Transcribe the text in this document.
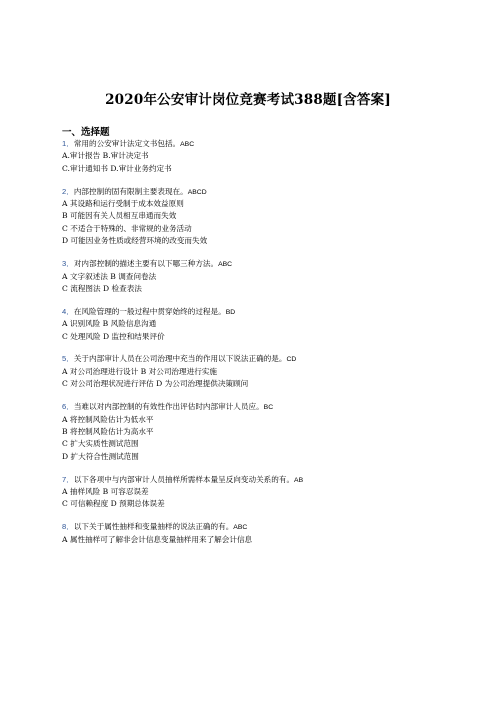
2020年公安审计岗位竞赛考试388题[含答案]
一、选择题
1．常用的公安审计法定文书包括。ABC
A.审计报告 B.审计决定书
C.审计通知书 D.审计业务约定书
2．内部控制的固有限制主要表现在。ABCD
A 其设路和运行受制于成本效益原则
B 可能因有关人员相互串通而失效
C 不适合于特殊的、非常规的业务活动
D 可能因业务性质或经营环境的改变而失效
3．对内部控制的描述主要有以下哪三种方法。ABC
A 文字叙述法 B 调查问卷法
C 流程图法 D 检查表法
4．在风险管理的一般过程中贯穿始终的过程是。BD
A 识别风险 B 风险信息沟通
C 处理风险 D 监控和结果评价
5．关于内部审计人员在公司治理中充当的作用以下说法正确的是。CD
A 对公司治理进行设计 B 对公司治理进行实施
C 对公司治理状况进行评估 D 为公司治理提供决策顾问
6．当难以对内部控制的有效性作出评估时内部审计人员应。BC
A 将控制风险估计为低水平
B 将控制风险估计为高水平
C 扩大实质性测试范围
D 扩大符合性测试范围
7．以下各项中与内部审计人员抽样所需样本量呈反向变动关系的有。AB
A 抽样风险 B 可容忍误差
C 可信赖程度 D 预期总体误差
8．以下关于属性抽样和变量抽样的说法正确的有。ABC
A 属性抽样可了解非会计信息变量抽样用来了解会计信息
